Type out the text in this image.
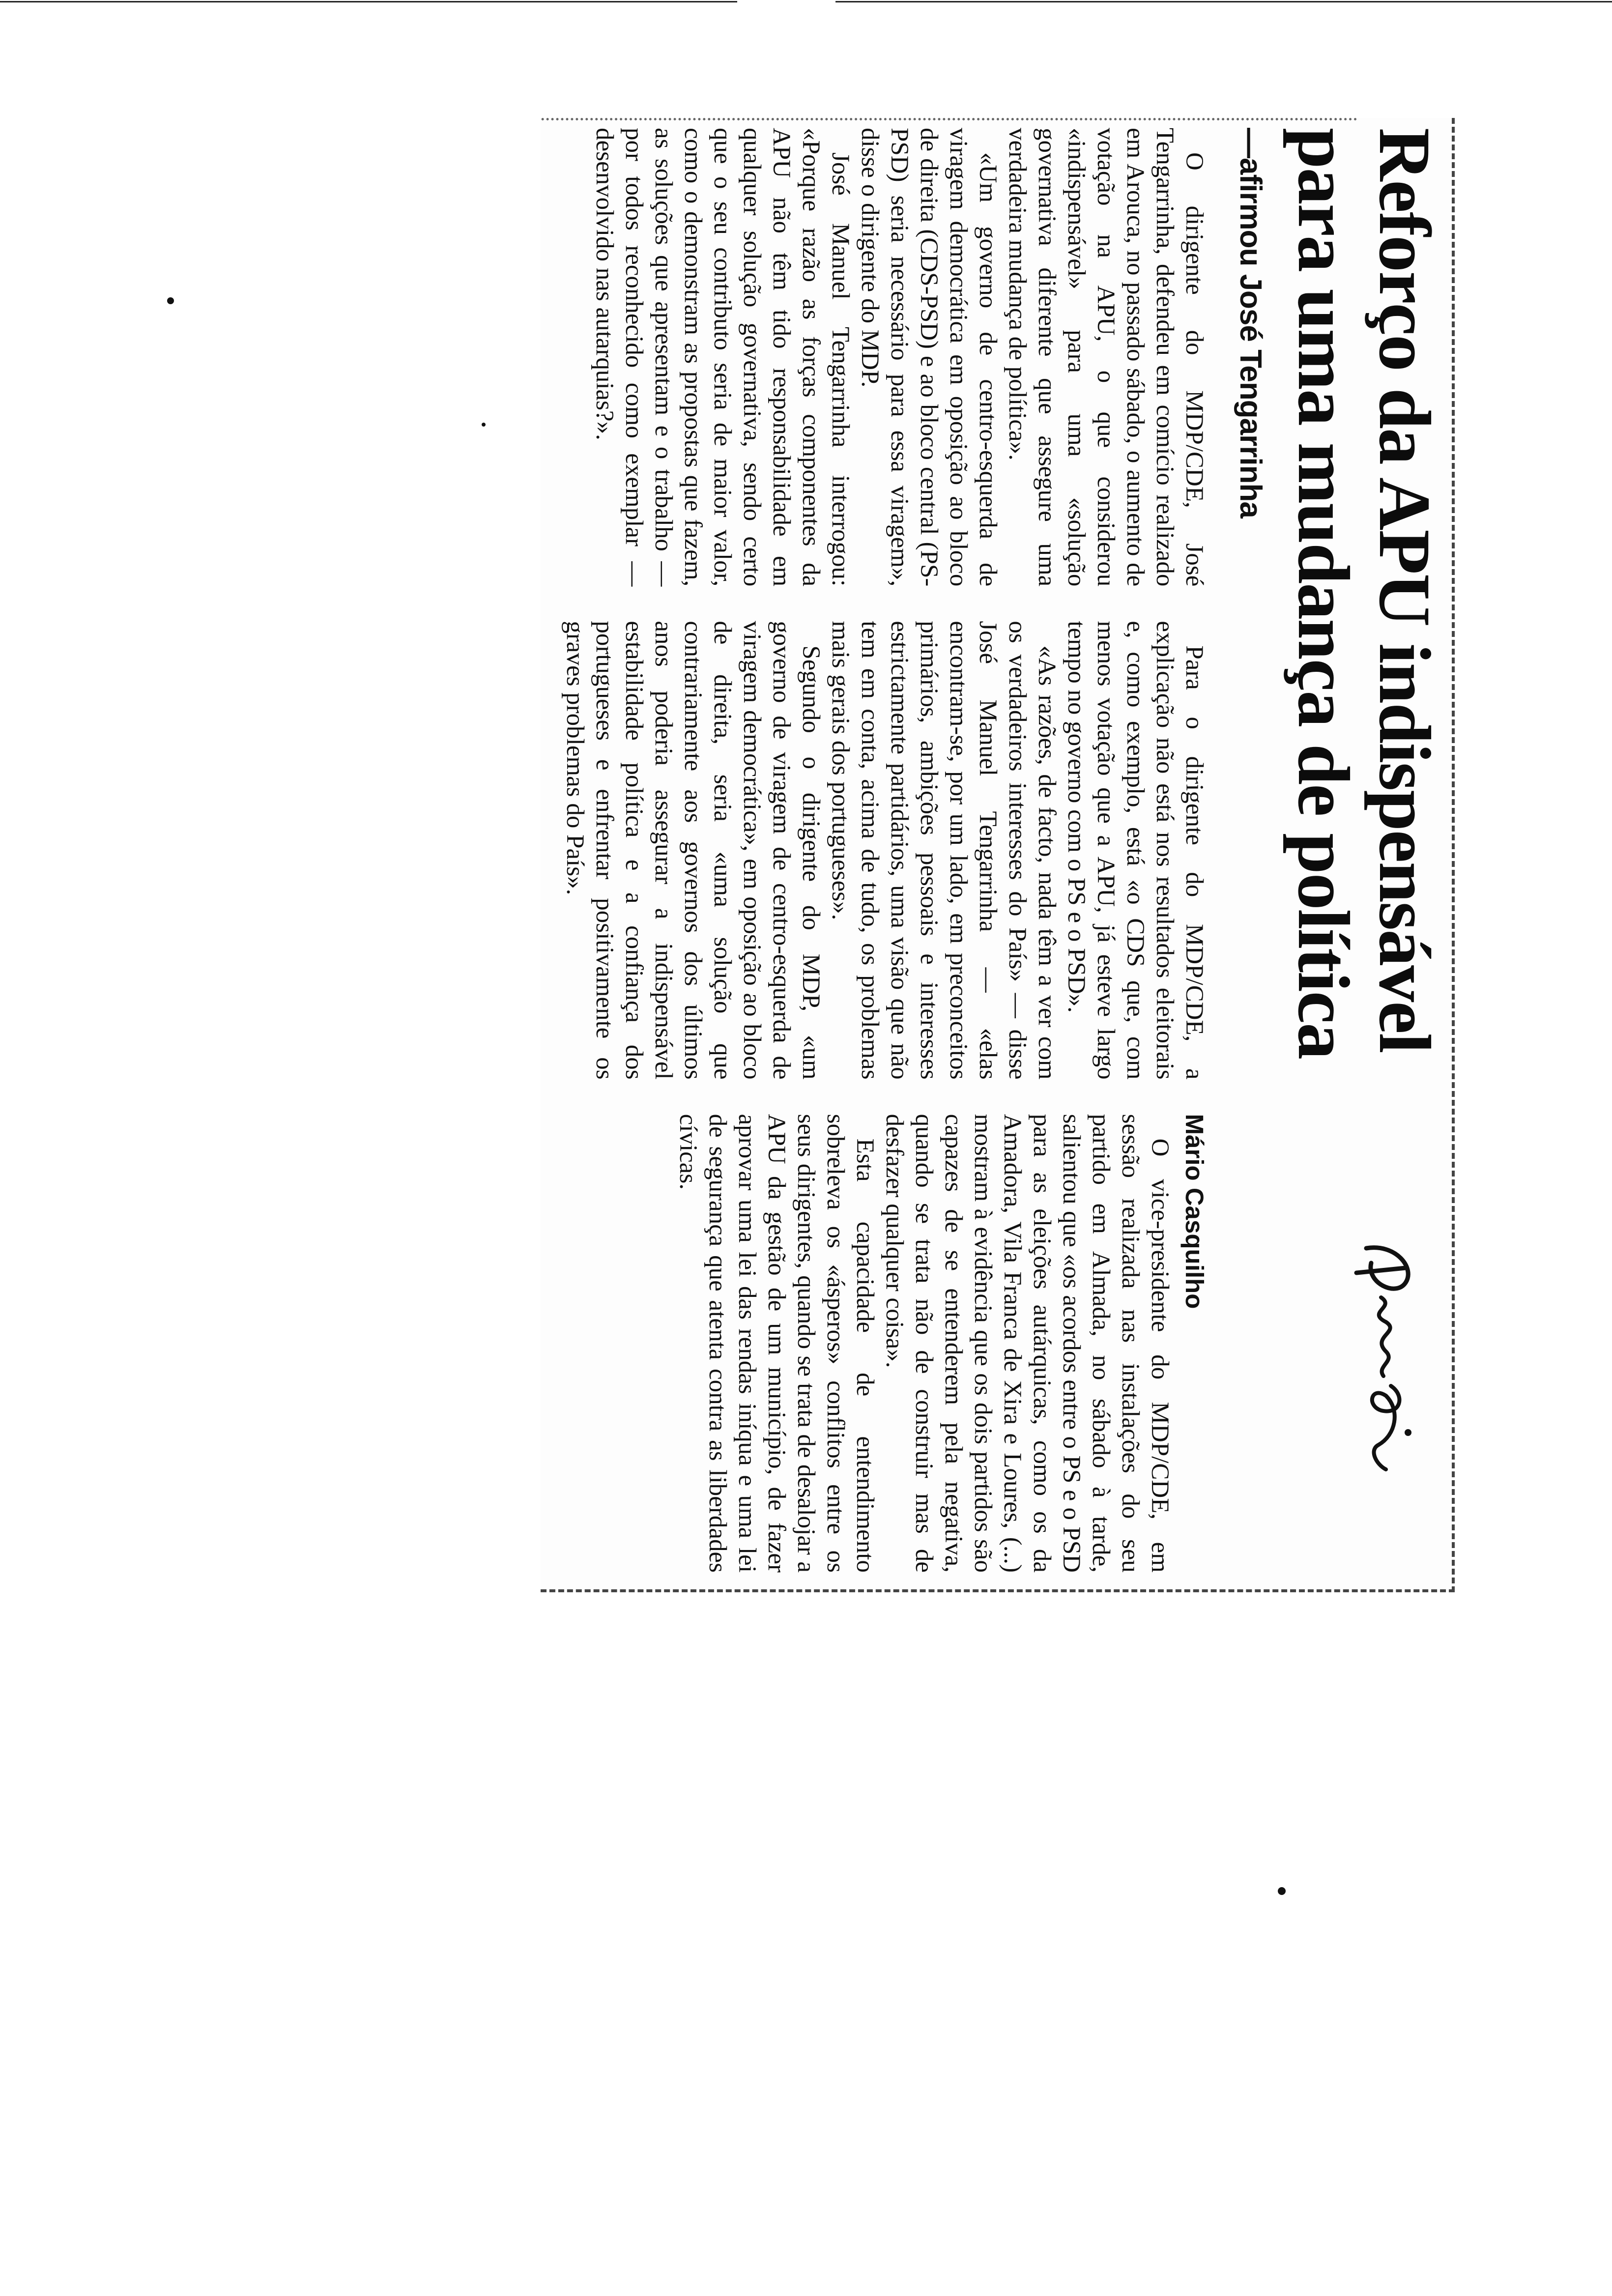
Reforço da APU indispensável para uma mudança de política
—afirmou José Tengarrinha

O dirigente do MDP/CDE, José Tengarrinha, defendeu em comício realizado em Arouca, no passado sábado, o aumento de votação na APU, o que considerou «indispensável» para uma «solução governativa diferente que assegure uma verdadeira mudança de política».

«Um governo de centro-esquerda de viragem democrática em oposição ao bloco de direita (CDS-PSD) e ao bloco central (PS-PSD) seria necessário para essa viragem», disse o dirigente do MDP.

José Manuel Tengarrinha interrogou: «Porque razão as forças componentes da APU não têm tido responsabilidade em qualquer solução governativa, sendo certo que o seu contributo seria de maior valor, como o demonstram as propostas que fazem, as soluções que apresentam e o trabalho — por todos reconhecido como exemplar — desenvolvido nas autarquias?».

Para o dirigente do MDP/CDE, a explicação não está nos resultados eleitorais e, como exemplo, está «o CDS que, com menos votação que a APU, já esteve largo tempo no governo com o PS e o PSD».

«As razões, de facto, nada têm a ver com os verdadeiros interesses do País» — disse José Manuel Tengarrinha — «elas encontram-se, por um lado, em preconceitos primários, ambições pessoais e interesses estrictamente partidários, uma visão que não tem em conta, acima de tudo, os problemas mais gerais dos portugueses».

Segundo o dirigente do MDP, «um governo de viragem de centro-esquerda de viragem democrática», em oposição ao bloco de direita, seria «uma solução que contrariamente aos governos dos últimos anos poderia assegurar a indispensável estabilidade política e a confiança dos portugueses e enfrentar positivamente os graves problemas do País».

Mário Casquilho

O vice-presidente do MDP/CDE, em sessão realizada nas instalações do seu partido em Almada, no sábado à tarde, salientou que «os acordos entre o PS e o PSD para as eleições autárquicas, como os da Amadora, Vila Franca de Xira e Loures, (...) mostram à evidência que os dois partidos são capazes de se entenderem pela negativa, quando se trata não de construir mas de desfazer qualquer coisa».

Esta capacidade de entendimento sobreleva os «ásperos» conflitos entre os seus dirigentes, quando se trata de desalojar a APU da gestão de um município, de fazer aprovar uma lei das rendas iníqua e uma lei de segurança que atenta contra as liberdades cívicas.
